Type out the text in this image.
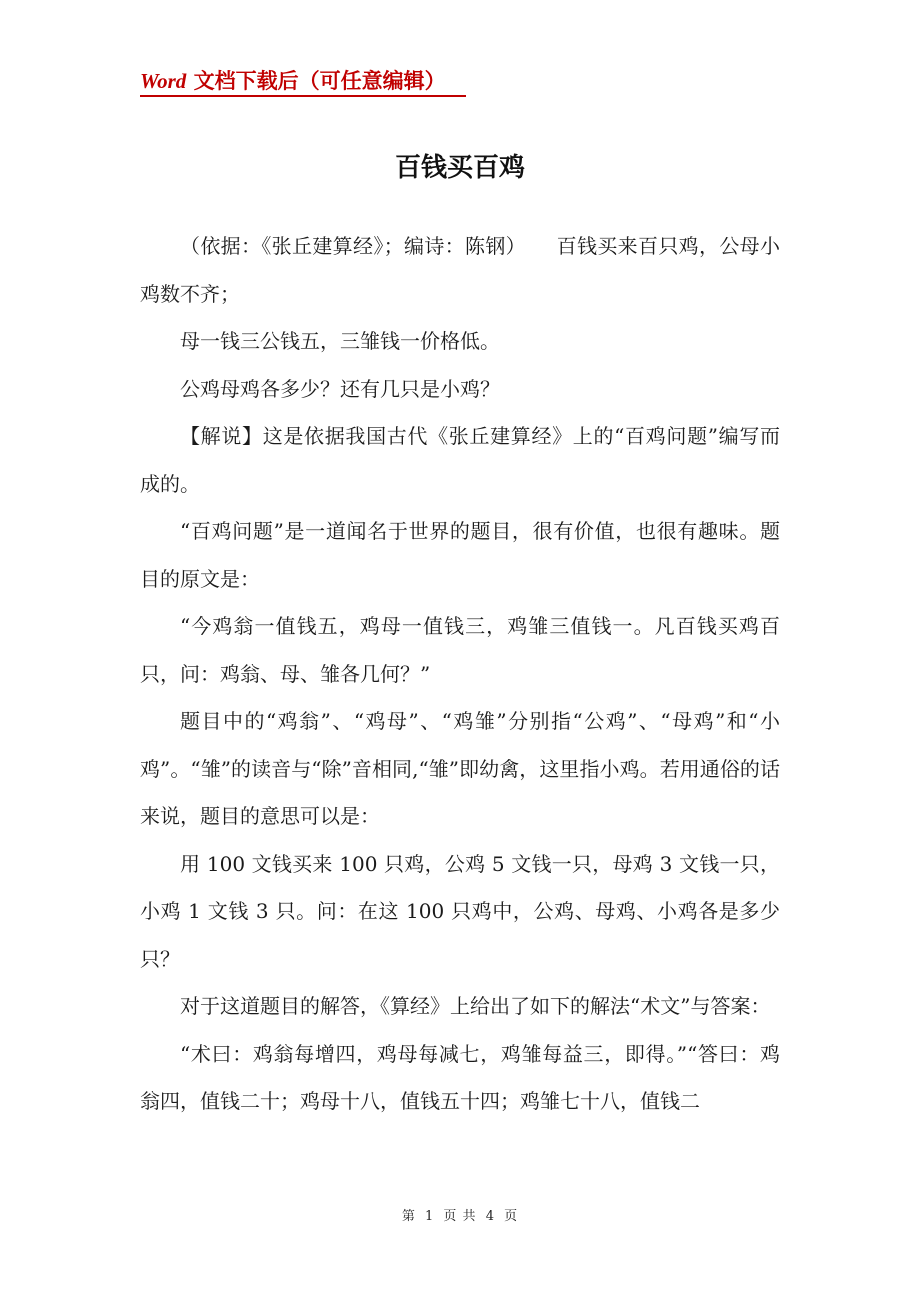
Word 文档下载后（可任意编辑）
百钱买百鸡

（依据：《张丘建算经》；编诗：陈钢）　　百钱买来百只鸡，公母小鸡数不齐；

母一钱三公钱五，三雏钱一价格低。

公鸡母鸡各多少？还有几只是小鸡？

【解说】这是依据我国古代《张丘建算经》上的“百鸡问题”编写而成的。

“百鸡问题”是一道闻名于世界的题目，很有价值，也很有趣味。题目的原文是：

“今鸡翁一值钱五，鸡母一值钱三，鸡雏三值钱一。凡百钱买鸡百只，问：鸡翁、母、雏各几何？”

题目中的“鸡翁”、“鸡母”、“鸡雏”分别指“公鸡”、“母鸡”和“小鸡”。“雏”的读音与“除”音相同,“雏”即幼禽，这里指小鸡。若用通俗的话来说，题目的意思可以是：

用 100 文钱买来 100 只鸡，公鸡 5 文钱一只，母鸡 3 文钱一只，小鸡 1 文钱 3 只。问：在这 100 只鸡中，公鸡、母鸡、小鸡各是多少只？

对于这道题目的解答，《算经》上给出了如下的解法“术文”与答案：

“术曰：鸡翁每增四，鸡母每减七，鸡雏每益三，即得。”“答曰：鸡翁四，值钱二十；鸡母十八，值钱五十四；鸡雏七十八，值钱二

第 1 页 共 4 页
